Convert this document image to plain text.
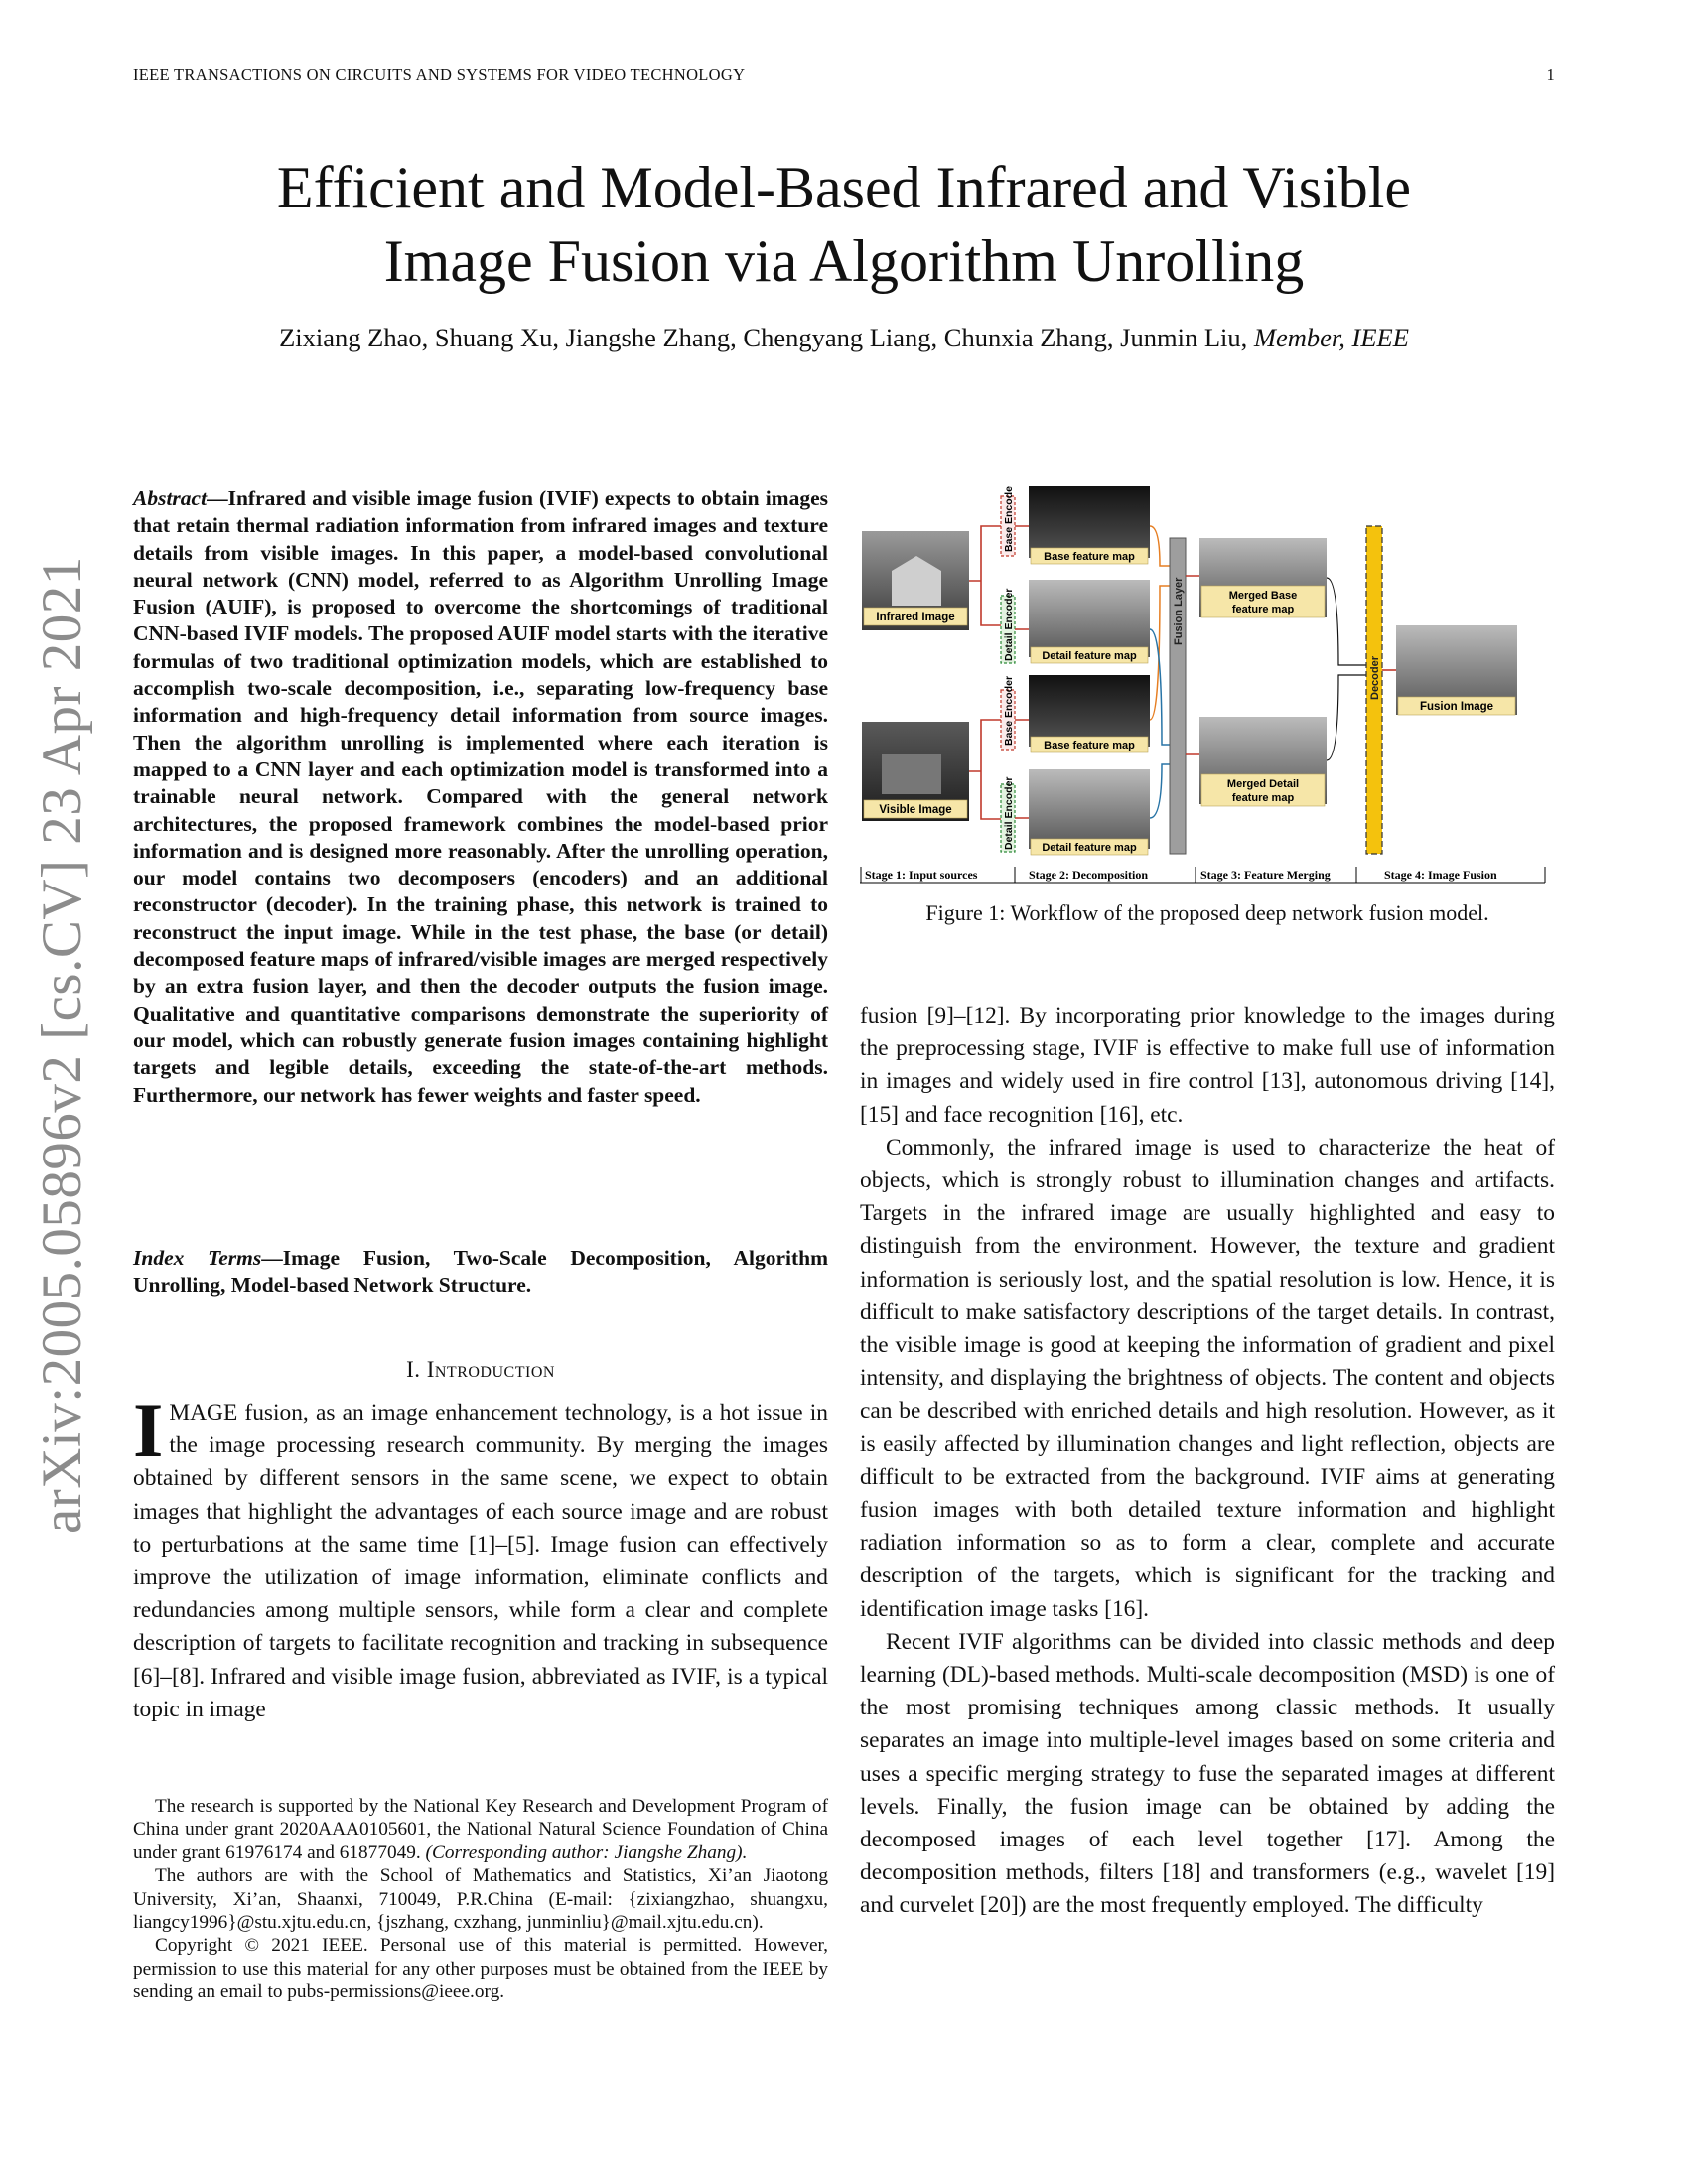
IEEE TRANSACTIONS ON CIRCUITS AND SYSTEMS FOR VIDEO TECHNOLOGY	1
Efficient and Model-Based Infrared and Visible
Image Fusion via Algorithm Unrolling
Zixiang Zhao, Shuang Xu, Jiangshe Zhang, Chengyang Liang, Chunxia Zhang, Junmin Liu, Member, IEEE
arXiv:2005.05896v2 [cs.CV] 23 Apr 2021
Abstract—Infrared and visible image fusion (IVIF) expects to obtain images that retain thermal radiation information from infrared images and texture details from visible images. In this paper, a model-based convolutional neural network (CNN) model, referred to as Algorithm Unrolling Image Fusion (AUIF), is proposed to overcome the shortcomings of traditional CNN-based IVIF models. The proposed AUIF model starts with the iterative formulas of two traditional optimization models, which are established to accomplish two-scale decomposition, i.e., separating low-frequency base information and high-frequency detail information from source images. Then the algorithm unrolling is implemented where each iteration is mapped to a CNN layer and each optimization model is transformed into a trainable neural network. Compared with the general network architectures, the proposed framework combines the model-based prior information and is designed more reasonably. After the unrolling operation, our model contains two decomposers (encoders) and an additional reconstructor (decoder). In the training phase, this network is trained to reconstruct the input image. While in the test phase, the base (or detail) decomposed feature maps of infrared/visible images are merged respectively by an extra fusion layer, and then the decoder outputs the fusion image. Qualitative and quantitative comparisons demonstrate the superiority of our model, which can robustly generate fusion images containing highlight targets and legible details, exceeding the state-of-the-art methods. Furthermore, our network has fewer weights and faster speed.
Index Terms—Image Fusion, Two-Scale Decomposition, Algorithm Unrolling, Model-based Network Structure.
I. Introduction
IMAGE fusion, as an image enhancement technology, is a hot issue in the image processing research community. By merging the images obtained by different sensors in the same scene, we expect to obtain images that highlight the advantages of each source image and are robust to perturbations at the same time [1]–[5]. Image fusion can effectively improve the utilization of image information, eliminate conflicts and redundancies among multiple sensors, while form a clear and complete description of targets to facilitate recognition and tracking in subsequence [6]–[8]. Infrared and visible image fusion, abbreviated as IVIF, is a typical topic in image

The research is supported by the National Key Research and Development Program of China under grant 2020AAA0105601, the National Natural Science Foundation of China under grant 61976174 and 61877049. (Corresponding author: Jiangshe Zhang).

The authors are with the School of Mathematics and Statistics, Xi’an Jiaotong University, Xi’an, Shaanxi, 710049, P.R.China (E-mail: {zixiangzhao, shuangxu, liangcy1996}@stu.xjtu.edu.cn, {jszhang, cxzhang, junminliu}@mail.xjtu.edu.cn).

Copyright © 2021 IEEE. Personal use of this material is permitted. However, permission to use this material for any other purposes must be obtained from the IEEE by sending an email to pubs-permissions@ieee.org.

Infrared Image
Visible Image
Base Encoder
Detail Encoder
Base Encoder
Detail Encoder
Base feature map
Detail feature map
Base feature map
Detail feature map
Fusion Layer	Merged Base
feature map
Merged Detail
feature map
Decoder
Fusion Image
Stage 1: Input sources	Stage 2: Decomposition	Stage 3: Feature Merging	Stage 4: Image Fusion
Figure 1: Workflow of the proposed deep network fusion model.

fusion [9]–[12]. By incorporating prior knowledge to the images during the preprocessing stage, IVIF is effective to make full use of information in images and widely used in fire control [13], autonomous driving [14], [15] and face recognition [16], etc.

Commonly, the infrared image is used to characterize the heat of objects, which is strongly robust to illumination changes and artifacts. Targets in the infrared image are usually highlighted and easy to distinguish from the environment. However, the texture and gradient information is seriously lost, and the spatial resolution is low. Hence, it is difficult to make satisfactory descriptions of the target details. In contrast, the visible image is good at keeping the information of gradient and pixel intensity, and displaying the brightness of objects. The content and objects can be described with enriched details and high resolution. However, as it is easily affected by illumination changes and light reflection, objects are difficult to be extracted from the background. IVIF aims at generating fusion images with both detailed texture information and highlight radiation information so as to form a clear, complete and accurate description of the targets, which is significant for the tracking and identification image tasks [16].

Recent IVIF algorithms can be divided into classic methods and deep learning (DL)-based methods. Multi-scale decomposition (MSD) is one of the most promising techniques among classic methods. It usually separates an image into multiple-level images based on some criteria and uses a specific merging strategy to fuse the separated images at different levels. Finally, the fusion image can be obtained by adding the decomposed images of each level together [17]. Among the decomposition methods, filters [18] and transformers (e.g., wavelet [19] and curvelet [20]) are the most frequently employed. The difficulty
